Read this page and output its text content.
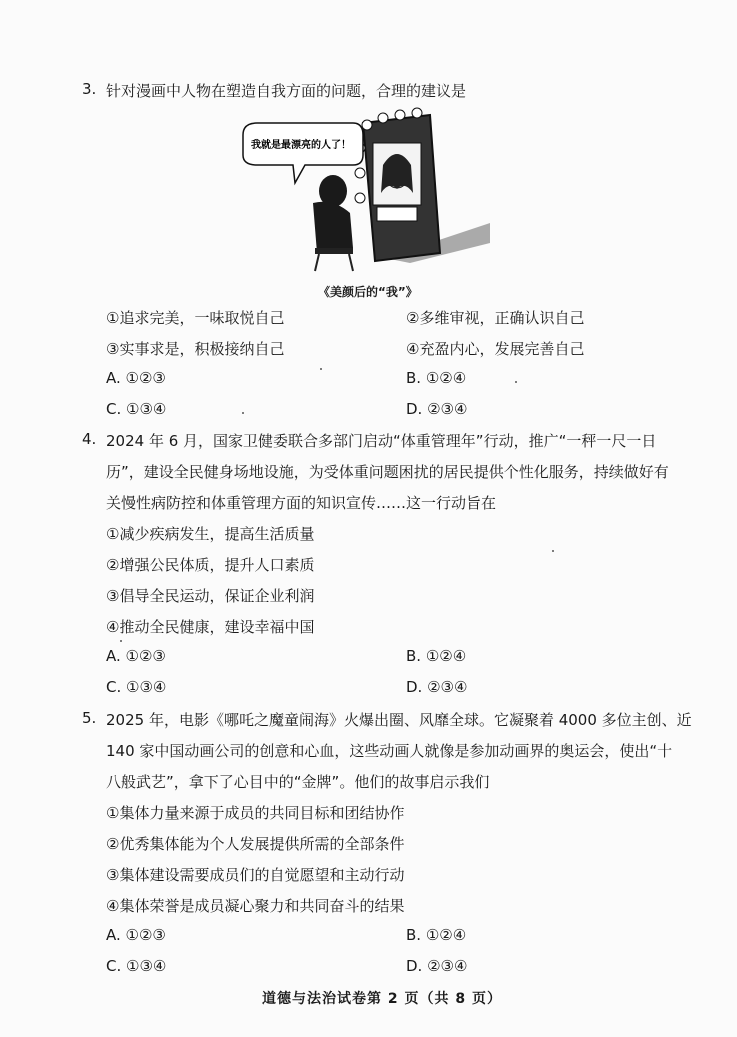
3. 针对漫画中人物在塑造自我方面的问题，合理的建议是
我就是最漂亮的人了！
《美颜后的“我”》
①追求完美，一味取悦自己	②多维审视，正确认识自己
③实事求是，积极接纳自己	④充盈内心，发展完善自己
A. ①②③	B. ①②④
C. ①③④	D. ②③④
4. 2024 年 6 月，国家卫健委联合多部门启动“体重管理年”行动，推广“一秤一尺一日
历”，建设全民健身场地设施，为受体重问题困扰的居民提供个性化服务，持续做好有
关慢性病防控和体重管理方面的知识宣传……这一行动旨在
①减少疾病发生，提高生活质量
②增强公民体质，提升人口素质
③倡导全民运动，保证企业利润
④推动全民健康，建设幸福中国
A. ①②③	B. ①②④
C. ①③④	D. ②③④
5. 2025 年，电影《哪吒之魔童闹海》火爆出圈、风靡全球。它凝聚着 4000 多位主创、近
140 家中国动画公司的创意和心血，这些动画人就像是参加动画界的奥运会，使出“十
八般武艺”，拿下了心目中的“金牌”。他们的故事启示我们
①集体力量来源于成员的共同目标和团结协作
②优秀集体能为个人发展提供所需的全部条件
③集体建设需要成员们的自觉愿望和主动行动
④集体荣誉是成员凝心聚力和共同奋斗的结果
A. ①②③	B. ①②④
C. ①③④	D. ②③④
道德与法治试卷第 2 页（共 8 页）
